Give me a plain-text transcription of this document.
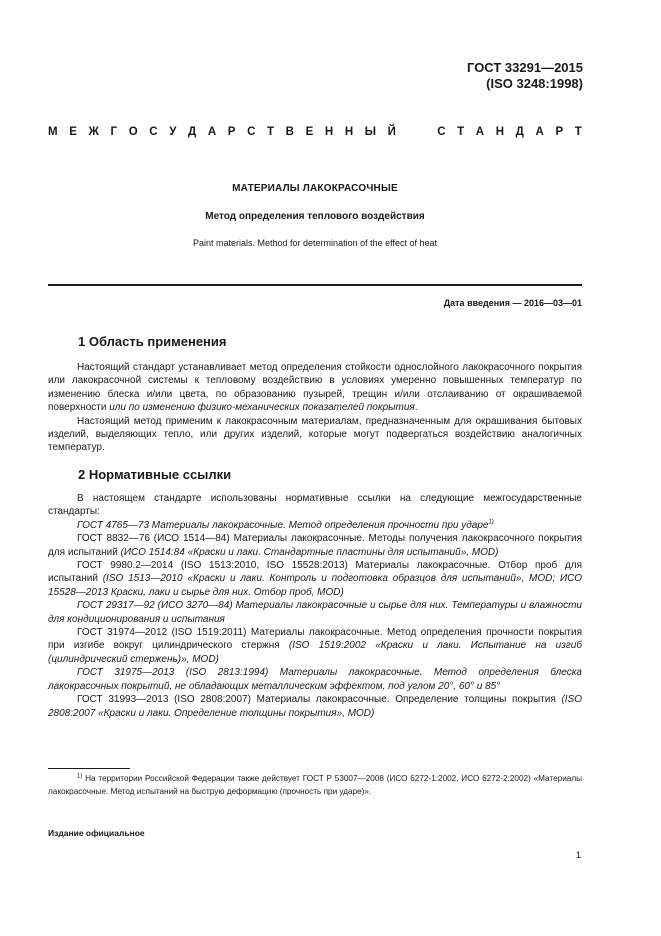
ГОСТ 33291—2015
(ISO 3248:1998)
М Е Ж Г О С У Д А Р С Т В Е Н Н Ы Й

	С Т А Н Д А Р Т
МАТЕРИАЛЫ ЛАКОКРАСОЧНЫЕ
Метод определения теплового воздействия
Paint materials. Method for determination of the effect of heat
Дата введения — 2016—03—01
1 Область применения

Настоящий стандарт устанавливает метод определения стойкости однослойного лакокрасочного покрытия или лакокрасочной системы к тепловому воздействию в условиях умеренно повышенных температур по изменению блеска и/или цвета, по образованию пузырей, трещин и/или отслаиванию от окрашиваемой поверхности или по изменению физико-механических показателей покрытия.

Настоящий метод применим к лакокрасочным материалам, предназначенным для окрашивания бытовых изделий, выделяющих тепло, или других изделий, которые могут подвергаться воздействию аналогичных температур.

2 Нормативные ссылки

В настоящем стандарте использованы нормативные ссылки на следующие межгосударственные стандарты:

ГОСТ 4765—73 Материалы лакокрасочные. Метод определения прочности при ударе$^{1)}$

ГОСТ 8832—76 (ИСО 1514—84) Материалы лакокрасочные. Методы получения лакокрасочного покрытия для испытаний (ИСО 1514:84 «Краски и лаки. Стандартные пластины для испытаний», MOD)

ГОСТ 9980.2—2014 (ISO 1513:2010, ISO 15528:2013) Материалы лакокрасочные. Отбор проб для испытаний (ISO 1513—2010 «Краски и лаки. Контроль и подготовка образцов для испытаний», MOD; ИСО 15528—2013 Краски, лаки и сырье для них. Отбор проб, MOD)

ГОСТ 29317—92 (ИСО 3270—84) Материалы лакокрасочные и сырье для них. Температуры и влажности для кондиционирования и испытания

ГОСТ 31974—2012 (ISO 1519:2011) Материалы лакокрасочные. Метод определения прочности покрытия при изгибе вокруг цилиндрического стержня (ISO 1519:2002 «Краски и лаки. Испытание на изгиб (цилиндрический стержень)», MOD)

ГОСТ 31975—2013 (ISO 2813:1994) Материалы лакокрасочные. Метод определения блеска лакокрасочных покрытий, не обладающих металлическим эффектом, под углом 20°, 60° и 85°

ГОСТ 31993—2013 (ISO 2808:2007) Материалы лакокрасочные. Определение толщины покрытия (ISO 2808:2007 «Краски и лаки. Определение толщины покрытия», MOD)

$^{1)}$ На территории Российской Федерации также действует ГОСТ Р 53007—2008 (ИСО 6272-1:2002, ИСО 6272-2:2002) «Материалы лакокрасочные. Метод испытаний на быструю деформацию (прочность при ударе)».

Издание официальное
1
